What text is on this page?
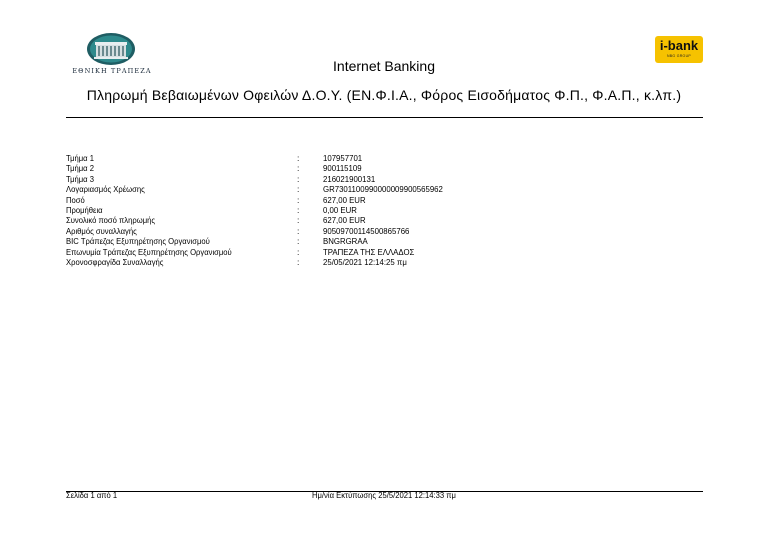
ΕΘΝΙΚΗ ΤΡΑΠΕΖΑ
i-bank
NBG GROUP
Internet Banking
Πληρωμή Βεβαιωμένων Οφειλών Δ.Ο.Υ. (ΕΝ.Φ.Ι.Α., Φόρος Εισοδήματος Φ.Π., Φ.Α.Π., κ.λπ.)
Τμήμα 1	:	107957701
Τμήμα 2	:	900115109
Τμήμα 3	:	216021900131
Λογαριασμός Χρέωσης	:	GR7301100990000009900565962
Ποσό	:	627,00 EUR
Προμήθεια	:	0,00 EUR
Συνολικό ποσό πληρωμής	:	627,00 EUR
Αριθμός συναλλαγής	:	9050970011450086576​6
BIC Τράπεζας Εξυπηρέτησης Οργανισμού	:	BNGRGRAA
Επωνυμία Τράπεζας Εξυπηρέτησης Οργανισμού	:	ΤΡΑΠΕΖΑ ΤΗΣ ΕΛΛΑΔΟΣ
Χρονοσφραγίδα Συναλλαγής	:	25/05/2021 12:14:25 πμ
Σελίδα 1 από 1	Ημ/νία Εκτύπωσης 25/5/2021 12:14:33 πμ
